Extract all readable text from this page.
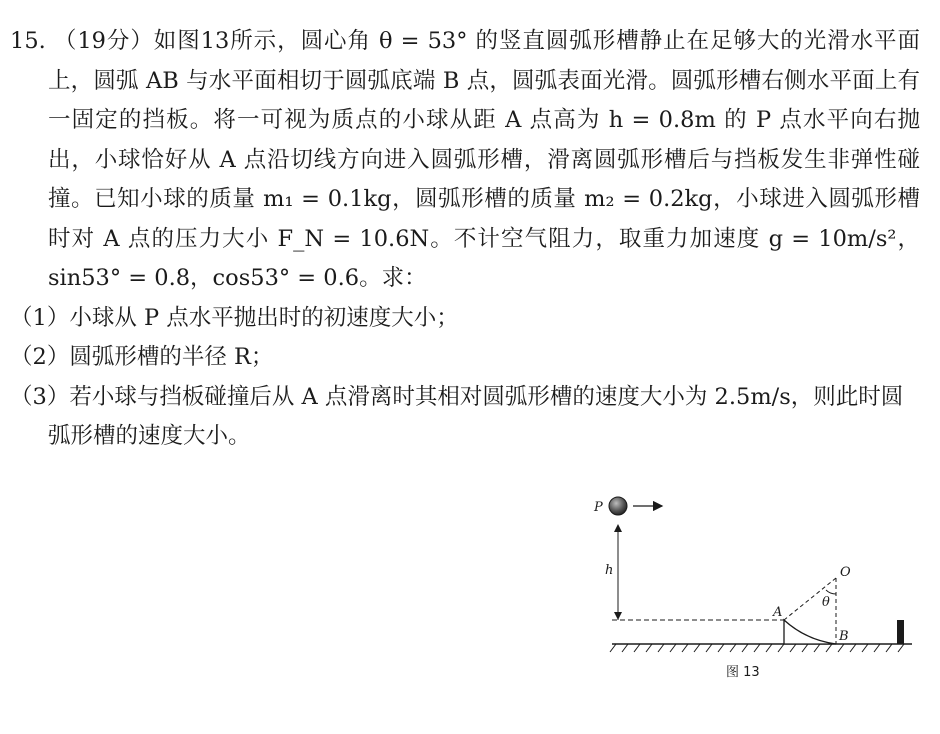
15. （19分）如图13所示，圆心角 θ = 53° 的竖直圆弧形槽静止在足够大的光滑水平面上，圆弧 AB 与水平面相切于圆弧底端 B 点，圆弧表面光滑。圆弧形槽右侧水平面上有一固定的挡板。将一可视为质点的小球从距 A 点高为 h = 0.8m 的 P 点水平向右抛出，小球恰好从 A 点沿切线方向进入圆弧形槽，滑离圆弧形槽后与挡板发生非弹性碰撞。已知小球的质量 m₁ = 0.1kg，圆弧形槽的质量 m₂ = 0.2kg，小球进入圆弧形槽时对 A 点的压力大小 F_N = 10.6N。不计空气阻力，取重力加速度 g = 10m/s²，sin53° = 0.8，cos53° = 0.6。求：

（1）小球从 P 点水平抛出时的初速度大小；

（2）圆弧形槽的半径 R；

（3）若小球与挡板碰撞后从 A 点滑离时其相对圆弧形槽的速度大小为 2.5m/s，则此时圆弧形槽的速度大小。

P
h	O
θ
A
B
图 13
